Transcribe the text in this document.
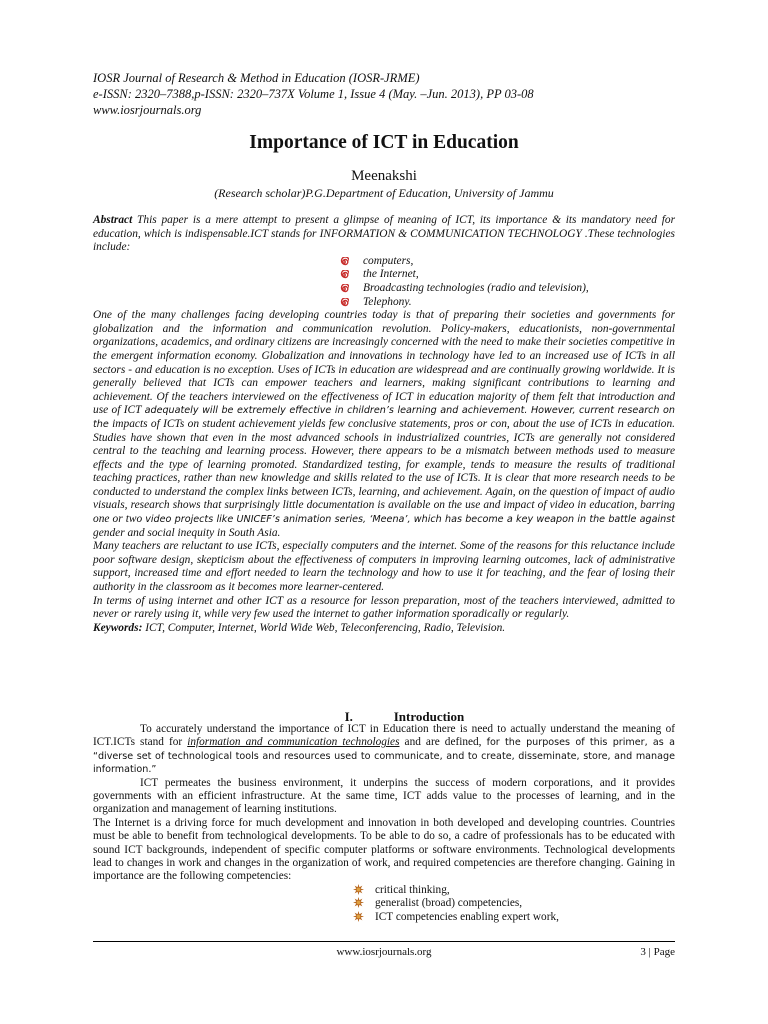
IOSR Journal of Research & Method in Education (IOSR-JRME)
e-ISSN: 2320–7388,p-ISSN: 2320–737X Volume 1, Issue 4 (May. –Jun. 2013), PP 03-08
www.iosrjournals.org
Importance of ICT in Education
Meenakshi
(Research scholar)P.G.Department of Education, University of Jammu

Abstract This paper is a mere attempt to present a glimpse of meaning of ICT, its importance & its mandatory need for education, which is indispensable.ICT stands for INFORMATION & COMMUNICATION TECHNOLOGY .These technologies include:

computers,
the Internet,
Broadcasting technologies (radio and television),
Telephony.

One of the many challenges facing developing countries today is that of preparing their societies and governments for globalization and the information and communication revolution. Policy-makers, educationists, non-governmental organizations, academics, and ordinary citizens are increasingly concerned with the need to make their societies competitive in the emergent information economy. Globalization and innovations in technology have led to an increased use of ICTs in all sectors - and education is no exception. Uses of ICTs in education are widespread and are continually growing worldwide. It is generally believed that ICTs can empower teachers and learners, making significant contributions to learning and achievement. Of the teachers interviewed on the effectiveness of ICT in education majority of them felt that introduction and use of ICT adequately will be extremely effective in children’s learning and achievement. However, current research on the impacts of ICTs on student achievement yields few conclusive statements, pros or con, about the use of ICTs in education. Studies have shown that even in the most advanced schools in industrialized countries, ICTs are generally not considered central to the teaching and learning process. However, there appears to be a mismatch between methods used to measure effects and the type of learning promoted. Standardized testing, for example, tends to measure the results of traditional teaching practices, rather than new knowledge and skills related to the use of ICTs. It is clear that more research needs to be conducted to understand the complex links between ICTs, learning, and achievement. Again, on the question of impact of audio visuals, research shows that surprisingly little documentation is available on the use and impact of video in education, barring one or two video projects like UNICEF’s animation series, ‘Meena’, which has become a key weapon in the battle against gender and social inequity in South Asia.

Many teachers are reluctant to use ICTs, especially computers and the internet. Some of the reasons for this reluctance include poor software design, skepticism about the effectiveness of computers in improving learning outcomes, lack of administrative support, increased time and effort needed to learn the technology and how to use it for teaching, and the fear of losing their authority in the classroom as it becomes more learner-centered.

In terms of using internet and other ICT as a resource for lesson preparation, most of the teachers interviewed, admitted to never or rarely using it, while very few used the internet to gather information sporadically or regularly.

Keywords: ICT, Computer, Internet, World Wide Web, Teleconferencing, Radio, Television.

I.	Introduction

To accurately understand the importance of ICT in Education there is need to actually understand the meaning of ICT.ICTs stand for information and communication technologies and are defined, for the purposes of this primer, as a “diverse set of technological tools and resources used to communicate, and to create, disseminate, store, and manage information.”

ICT permeates the business environment, it underpins the success of modern corporations, and it provides governments with an efficient infrastructure. At the same time, ICT adds value to the processes of learning, and in the organization and management of learning institutions.

The Internet is a driving force for much development and innovation in both developed and developing countries. Countries must be able to benefit from technological developments. To be able to do so, a cadre of professionals has to be educated with sound ICT backgrounds, independent of specific computer platforms or software environments. Technological developments lead to changes in work and changes in the organization of work, and required competencies are therefore changing. Gaining in importance are the following competencies:

critical thinking,
generalist (broad) competencies,
ICT competencies enabling expert work,
www.iosrjournals.org	3 | Page
